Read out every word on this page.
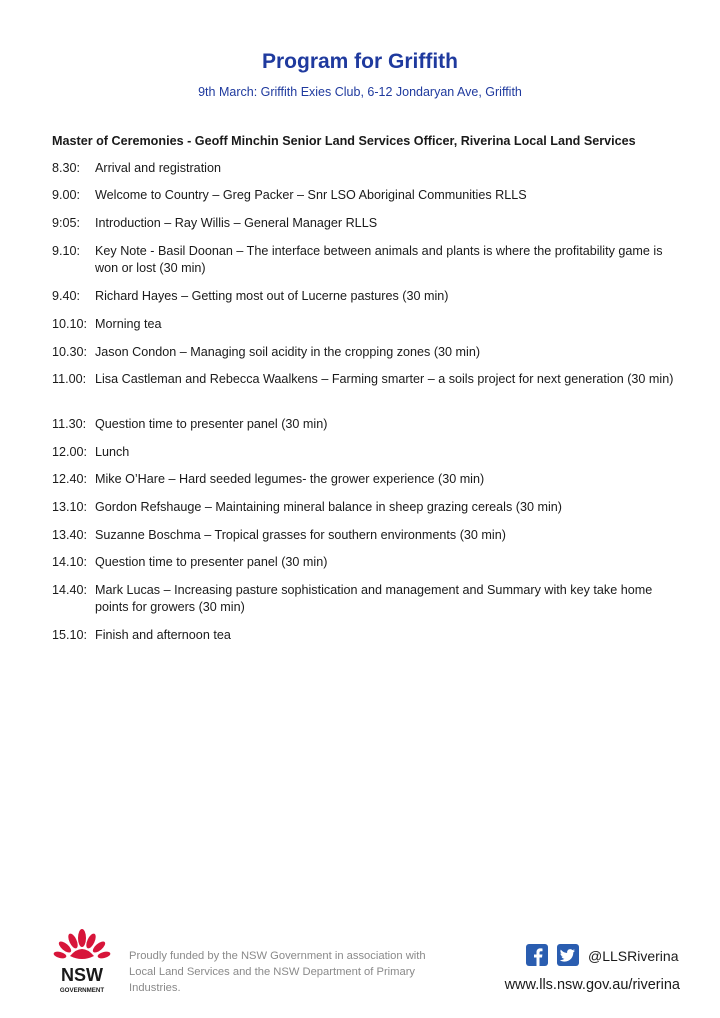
Program for Griffith
9th March: Griffith Exies Club, 6-12 Jondaryan Ave, Griffith
Master of Ceremonies - Geoff Minchin Senior Land Services Officer, Riverina Local Land Services
8.30:	Arrival and registration
9.00:	Welcome to Country – Greg Packer – Snr LSO Aboriginal Communities RLLS
9:05:	Introduction – Ray Willis – General Manager RLLS
9.10:	Key Note - Basil Doonan – The interface between animals and plants is where the profitability game is won or lost (30 min)
9.40:	Richard Hayes – Getting most out of Lucerne pastures (30 min)
10.10: Morning tea
10.30: Jason Condon – Managing soil acidity in the cropping zones (30 min)
11.00: Lisa Castleman and Rebecca Waalkens – Farming smarter – a soils project for next generation (30 min)
11.30: Question time to presenter panel (30 min)
12.00: Lunch
12.40: Mike O’Hare – Hard seeded legumes- the grower experience (30 min)
13.10: Gordon Refshauge – Maintaining mineral balance in sheep grazing cereals (30 min)
13.40: Suzanne Boschma – Tropical grasses for southern environments (30 min)
14.10: Question time to presenter panel (30 min)
14.40: Mark Lucas – Increasing pasture sophistication and management and Summary with key take home points for growers (30 min)
15.10: Finish and afternoon tea
NSW
GOVERNMENT
Proudly funded by the NSW Government in association with Local Land Services and the NSW Department of Primary Industries.
@LLSRiverina
www.lls.nsw.gov.au/riverina
